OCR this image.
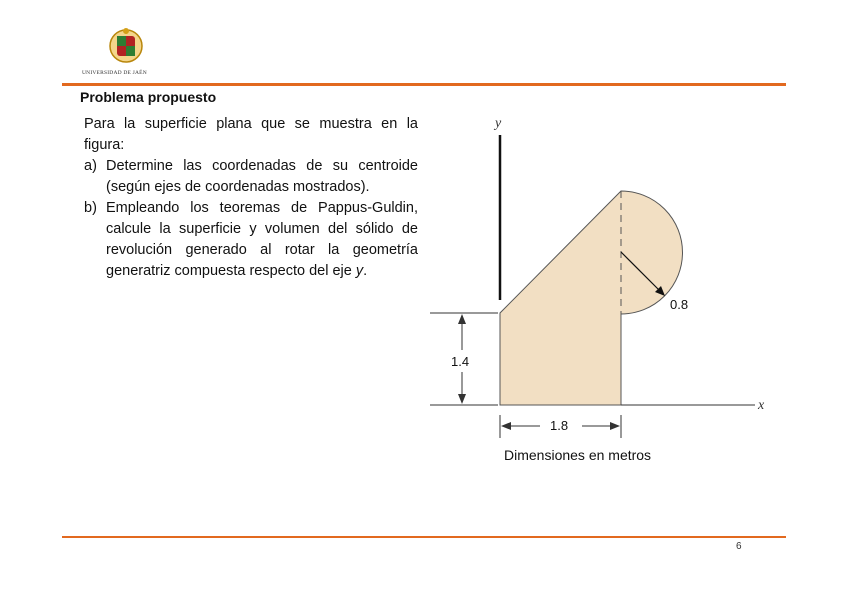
UNIVERSIDAD DE JAÉN
Problema propuesto
Para la superficie plana que se muestra en la figura:
a) Determine las coordenadas de su centroide (según ejes de coordenadas mostrados).
b) Empleando los teoremas de Pappus-Guldin, calcule la superficie y volumen del sólido de revolución generado al rotar la geometría generatriz compuesta respecto del eje y.
0.8
y
x
1.4
1.8
Dimensiones en metros
6
